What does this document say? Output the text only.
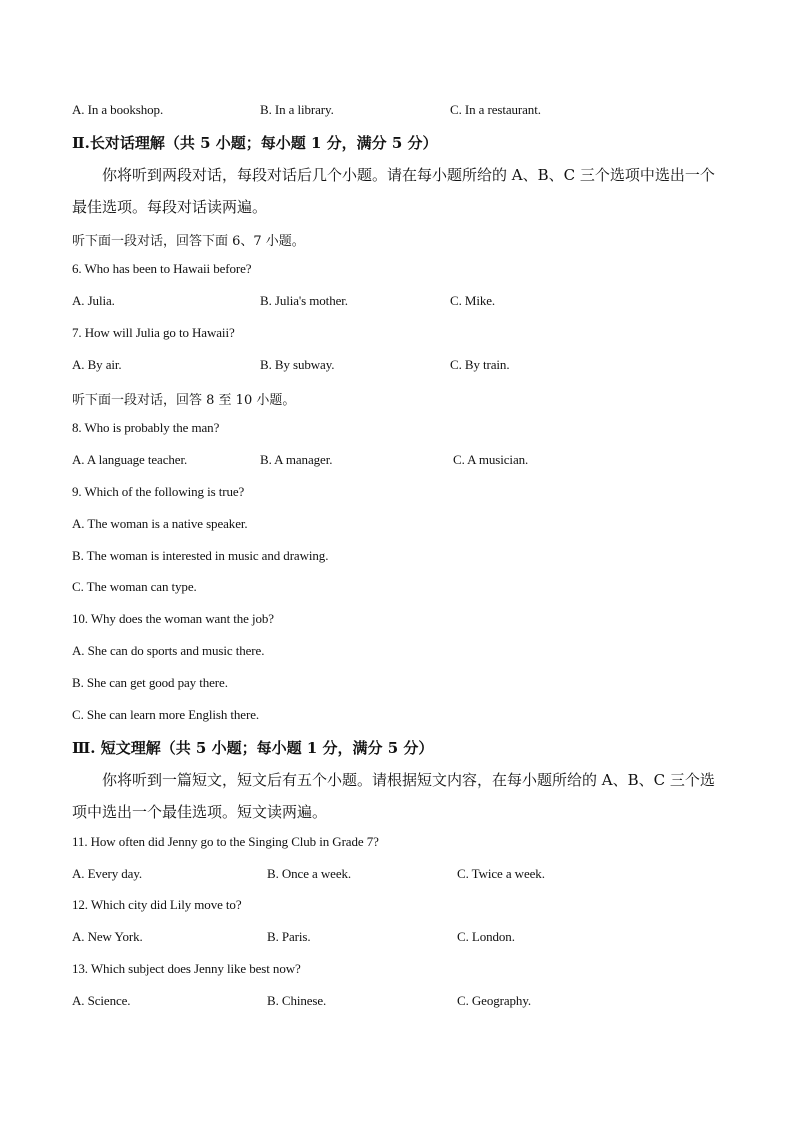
A. In a bookshop.	B. In a library.	C. In a restaurant.
Ⅱ.长对话理解（共 5 小题；每小题 1 分，满分 5 分）
你将听到两段对话，每段对话后几个小题。请在每小题所给的 A、B、C 三个选项中选出一个最佳选项。每段对话读两遍。
听下面一段对话，回答下面 6、7 小题。
6. Who has been to Hawaii before?
A. Julia.	B. Julia's mother.	C. Mike.
7. How will Julia go to Hawaii?
A. By air.	B. By subway.	C. By train.
听下面一段对话，回答 8 至 10 小题。
8. Who is probably the man?
A. A language teacher.	B. A manager.	C. A musician.
9. Which of the following is true?
A. The woman is a native speaker.
B. The woman is interested in music and drawing.
C. The woman can type.
10. Why does the woman want the job?
A. She can do sports and music there.
B. She can get good pay there.
C. She can learn more English there.
Ⅲ. 短文理解（共 5 小题；每小题 1 分，满分 5 分）
你将听到一篇短文，短文后有五个小题。请根据短文内容，在每小题所给的 A、B、C 三个选项中选出一个最佳选项。短文读两遍。
11. How often did Jenny go to the Singing Club in Grade 7?
A. Every day.	B. Once a week.	C. Twice a week.
12. Which city did Lily move to?
A. New York.	B. Paris.	C. London.
13. Which subject does Jenny like best now?
A. Science.	B. Chinese.	C. Geography.
